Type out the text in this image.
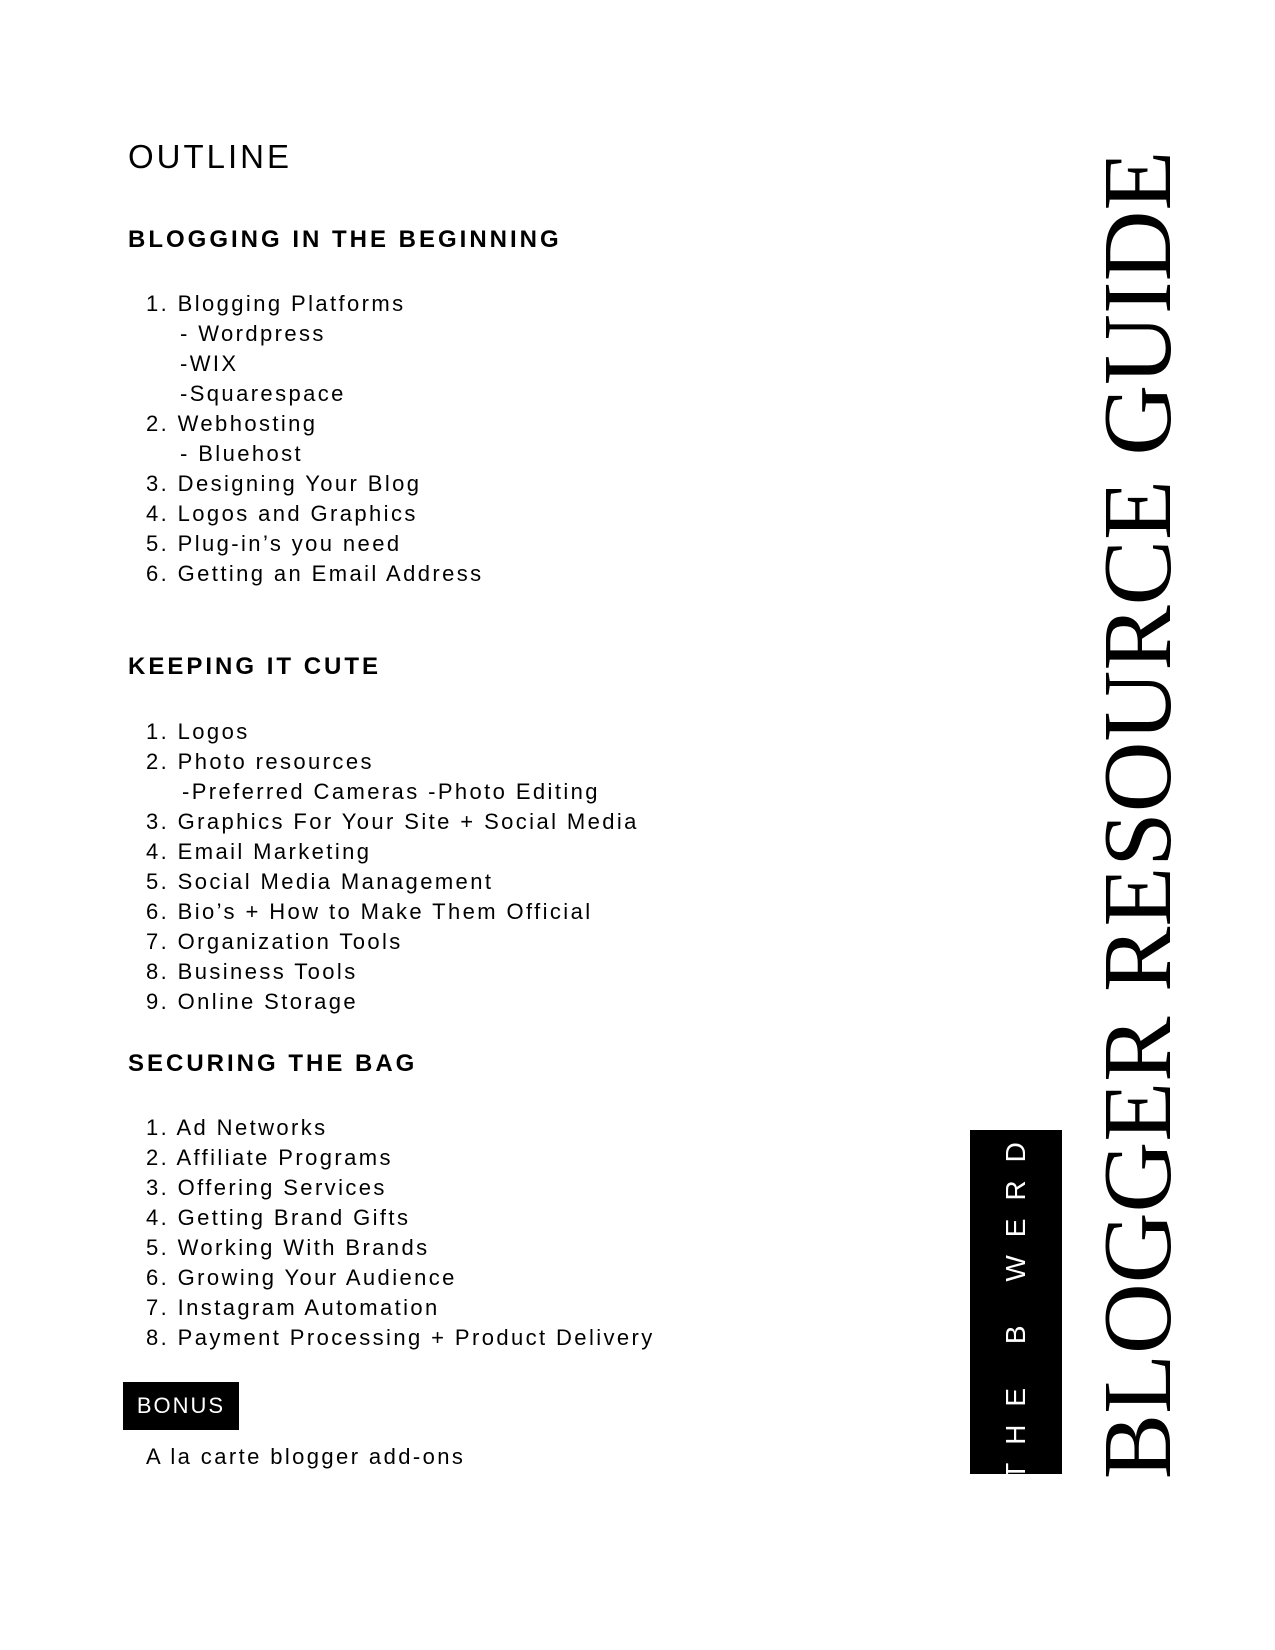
OUTLINE
BLOGGING IN THE BEGINNING
1. Blogging Platforms
- Wordpress
-WIX
-Squarespace
2. Webhosting
- Bluehost
3. Designing Your Blog
4. Logos and Graphics
5. Plug-in’s you need
6. Getting an Email Address
KEEPING IT CUTE
1. Logos
2. Photo resources
-Preferred Cameras -Photo Editing
3. Graphics For Your Site + Social Media
4. Email Marketing
5. Social Media Management
6. Bio’s + How to Make Them Official
7. Organization Tools
8. Business Tools
9. Online Storage
SECURING THE BAG
1. Ad Networks
2. Affiliate Programs
3. Offering Services
4. Getting Brand Gifts
5. Working With Brands
6. Growing Your Audience
7. Instagram Automation
8. Payment Processing + Product Delivery
BONUS
A la carte blogger add-ons	THE B WERD BLOGGER RESOURCE GUIDE
